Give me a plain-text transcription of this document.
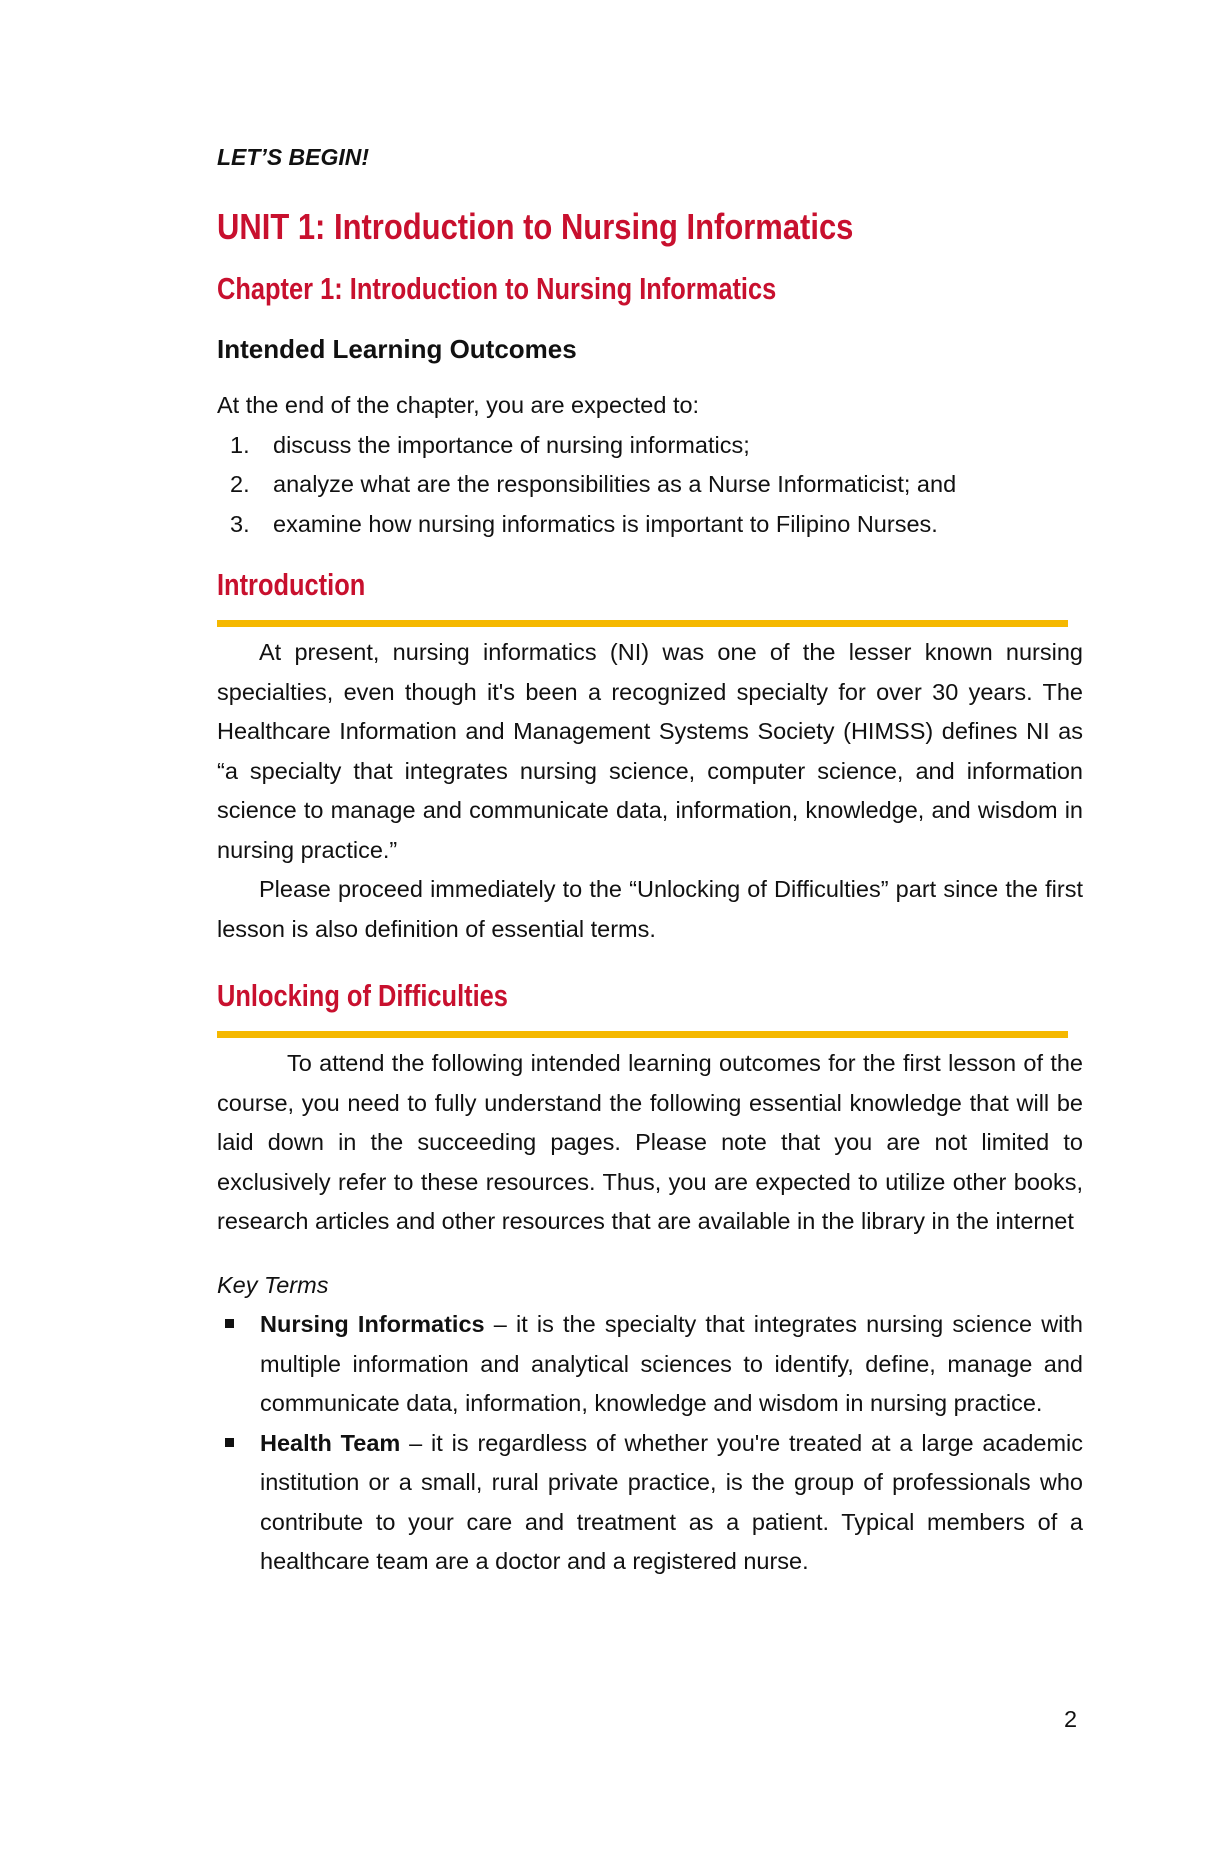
LET’S BEGIN!

UNIT 1: Introduction to Nursing Informatics
Chapter 1: Introduction to Nursing Informatics
Intended Learning Outcomes

At the end of the chapter, you are expected to:

1. discuss the importance of nursing informatics;
2. analyze what are the responsibilities as a Nurse Informaticist; and
3. examine how nursing informatics is important to Filipino Nurses.
Introduction

At present, nursing informatics (NI) was one of the lesser known nursing specialties, even though it's been a recognized specialty for over 30 years. The Healthcare Information and Management Systems Society (HIMSS) defines NI as “a specialty that integrates nursing science, computer science, and information science to manage and communicate data, information, knowledge, and wisdom in nursing practice.”

Please proceed immediately to the “Unlocking of Difficulties” part since the first lesson is also definition of essential terms.

Unlocking of Difficulties

To attend the following intended learning outcomes for the first lesson of the course, you need to fully understand the following essential knowledge that will be laid down in the succeeding pages. Please note that you are not limited to exclusively refer to these resources. Thus, you are expected to utilize other books, research articles and other resources that are available in the library in the internet

Key Terms

Nursing Informatics – it is the specialty that integrates nursing science with multiple information and analytical sciences to identify, define, manage and communicate data, information, knowledge and wisdom in nursing practice.
Health Team – it is regardless of whether you're treated at a large academic institution or a small, rural private practice, is the group of professionals who contribute to your care and treatment as a patient. Typical members of a healthcare team are a doctor and a registered nurse.
2
